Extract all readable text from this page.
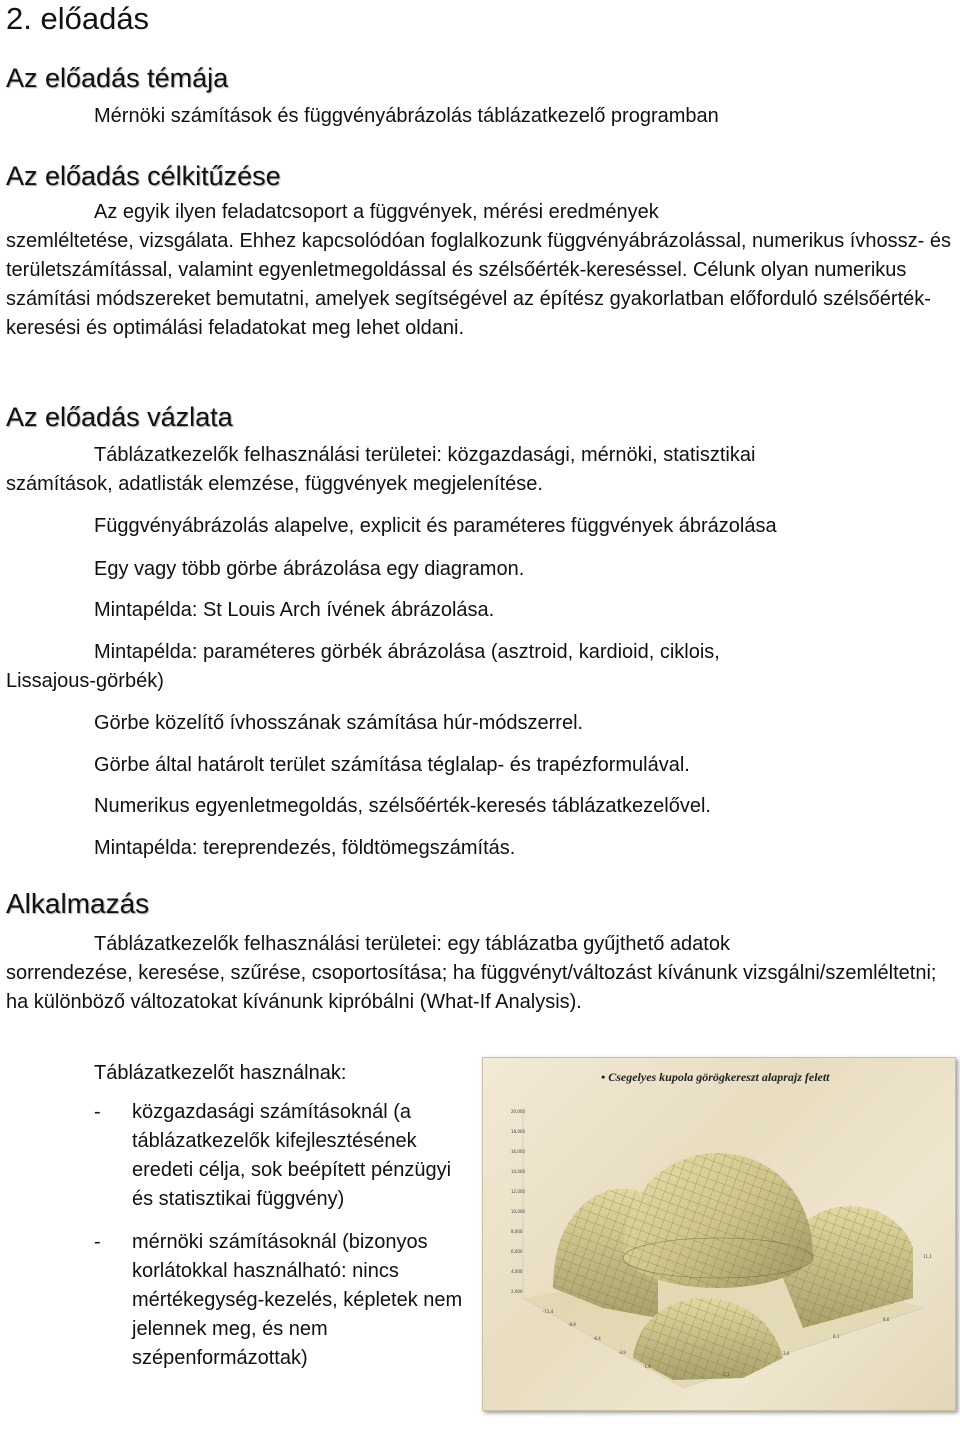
2. előadás
Az előadás témája
Mérnöki számítások és függvényábrázolás táblázatkezelő programban
Az előadás célkitűzése
Az egyik ilyen feladatcsoport a függvények, mérési eredmények
szemléltetése, vizsgálata. Ehhez kapcsolódóan foglalkozunk függvényábrázolással, numerikus ívhossz- és területszámítással, valamint egyenletmegoldással és szélsőérték-kereséssel. Célunk olyan numerikus számítási módszereket bemutatni, amelyek segítségével az építész gyakorlatban előforduló szélsőérték-keresési és optimálási feladatokat meg lehet oldani.
Az előadás vázlata
Táblázatkezelők felhasználási területei: közgazdasági, mérnöki, statisztikai
számítások, adatlisták elemzése, függvények megjelenítése.
Függvényábrázolás alapelve, explicit és paraméteres függvények ábrázolása
Egy vagy több görbe ábrázolása egy diagramon.
Mintapélda: St Louis Arch ívének ábrázolása.
Mintapélda: paraméteres görbék ábrázolása (asztroid, kardioid, ciklois,
Lissajous-görbék)
Görbe közelítő ívhosszának számítása húr-módszerrel.
Görbe által határolt terület számítása téglalap- és trapézformulával.
Numerikus egyenletmegoldás, szélsőérték-keresés táblázatkezelővel.
Mintapélda: tereprendezés, földtömegszámítás.
Alkalmazás
Táblázatkezelők felhasználási területei: egy táblázatba gyűjthető adatok
sorrendezése, keresése, szűrése, csoportosítása; ha függvényt/változást kívánunk vizsgálni/szemléltetni; ha különböző változatokat kívánunk kipróbálni (What-If Analysis).
Táblázatkezelőt használnak:
- közgazdasági számításoknál (a táblázatkezelők kifejlesztésének eredeti célja, sok beépített pénzügyi és statisztikai függvény)
- mérnöki számításoknál (bizonyos korlátokkal használható: nincs mértékegység-kezelés, képletek nem jelennek meg, és nem szépenformázottak)
• Csegelyes kupola görögkereszt alaprajz felett
20,000
18,000
16,000
14,000
12,000
10,000
8,000
6,000
4,000
2,000
-11,4
-8,9
-6,4
-3,9
-1,4
1,1
3,6
6,1
8,6
11,1
